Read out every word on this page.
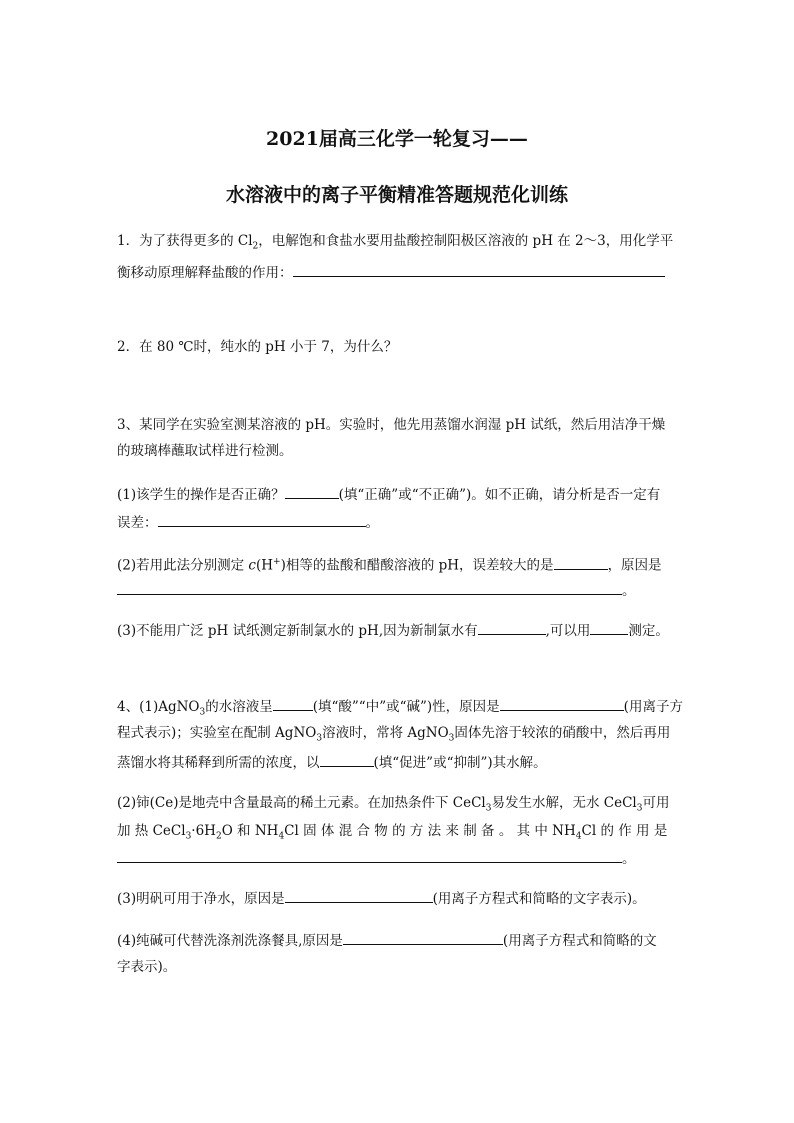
2021届高三化学一轮复习——
水溶液中的离子平衡精准答题规范化训练
1．为了获得更多的 $Cl_2$，电解饱和食盐水要用盐酸控制阳极区溶液的 pH 在 2～3，用化学平
衡移动原理解释盐酸的作用：
2．在 80 ℃时，纯水的 pH 小于 7，为什么？
3、某同学在实验室测某溶液的 pH。实验时，他先用蒸馏水润湿 pH 试纸，然后用洁净干燥
的玻璃棒蘸取试样进行检测。
(1)该学生的操作是否正确？	(填“正确”或“不正确”)。如不正确，请分析是否一定有
误差：	。
(2)若用此法分别测定 c(H+)相等的盐酸和醋酸溶液的 pH，误差较大的是	，原因是
。
(3)不能用广泛 pH 试纸测定新制氯水的 pH,因为新制氯水有	,可以用	测定。
4、(1)AgNO$_3$的水溶液呈	(填“酸”“中”或“碱”)性，原因是	(用离子方
程式表示)；实验室在配制 AgNO$_3$溶液时，常将 AgNO$_3$固体先溶于较浓的硝酸中，然后再用
蒸馏水将其稀释到所需的浓度，以	(填“促进”或“抑制”)其水解。
(2)铈(Ce)是地壳中含量最高的稀土元素。在加热条件下 CeCl$_3$易发生水解，无水 CeCl$_3$可用
加 热 $CeCl_3\cdot 6H_2O$ 和 $NH_4Cl$ 固 体 混 合 物 的 方 法 来 制 备 。 其 中 $NH_4Cl$ 的 作 用 是
。
(3)明矾可用于净水，原因是	(用离子方程式和简略的文字表示)。
(4)纯碱可代替洗涤剂洗涤餐具,原因是	(用离子方程式和简略的文
字表示)。
